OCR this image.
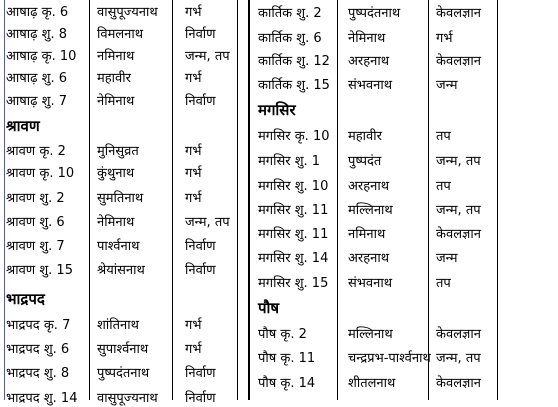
आषाढ़ कृ. 6 वासुपूज्यनाथ गर्भ
आषाढ़ शु. 8 विमलनाथ	निर्वाण
आषाढ़ कृ. 10 नमिनाथ	जन्म, तप
आषाढ़ शु. 6 महावीर	गर्भ
आषाढ़ शु. 7 नेमिनाथ	निर्वाण
श्रावण
श्रावण कृ. 2 मुनिसुव्रत	गर्भ
श्रावण कृ. 10 कुंथुनाथ	गर्भ
श्रावण शु. 2 सुमतिनाथ	गर्भ
श्रावण शु. 6 नेमिनाथ	जन्म, तप
श्रावण शु. 7 पार्श्वनाथ	निर्वाण
श्रावण शु. 15 श्रेयांसनाथ	निर्वाण
भाद्रपद
भाद्रपद कृ. 7 शांतिनाथ	गर्भ
भाद्रपद शु. 6 सुपार्श्वनाथ	गर्भ
भाद्रपद शु. 8 पुष्पदंतनाथ	निर्वाण
भाद्रपद शु. 14 वासुपूज्यनाथ निर्वाण
कार्तिक शु. 2 पुष्पदंतनाथ	केवलज्ञान
कार्तिक शु. 6 नेमिनाथ	गर्भ
कार्तिक शु. 12 अरहनाथ	केवलज्ञान
कार्तिक शु. 15 संभवनाथ	जन्म
मगसिर
मगसिर कृ. 10 महावीर	तप
मगसिर शु. 1 पुष्पदंत	जन्म, तप
मगसिर शु. 10 अरहनाथ	तप
मगसिर शु. 11 मल्लिनाथ	जन्म, तप
मगसिर शु. 11 नमिनाथ	केवलज्ञान
मगसिर शु. 14 अरहनाथ	जन्म
मगसिर शु. 15 संभवनाथ	तप
पौष
पौष कृ. 2	मल्लिनाथ	केवलज्ञान
पौष कृ. 11	चन्द्रप्रभ-पार्श्वनाथ जन्म, तप
पौष कृ. 14	शीतलनाथ	केवलज्ञान
